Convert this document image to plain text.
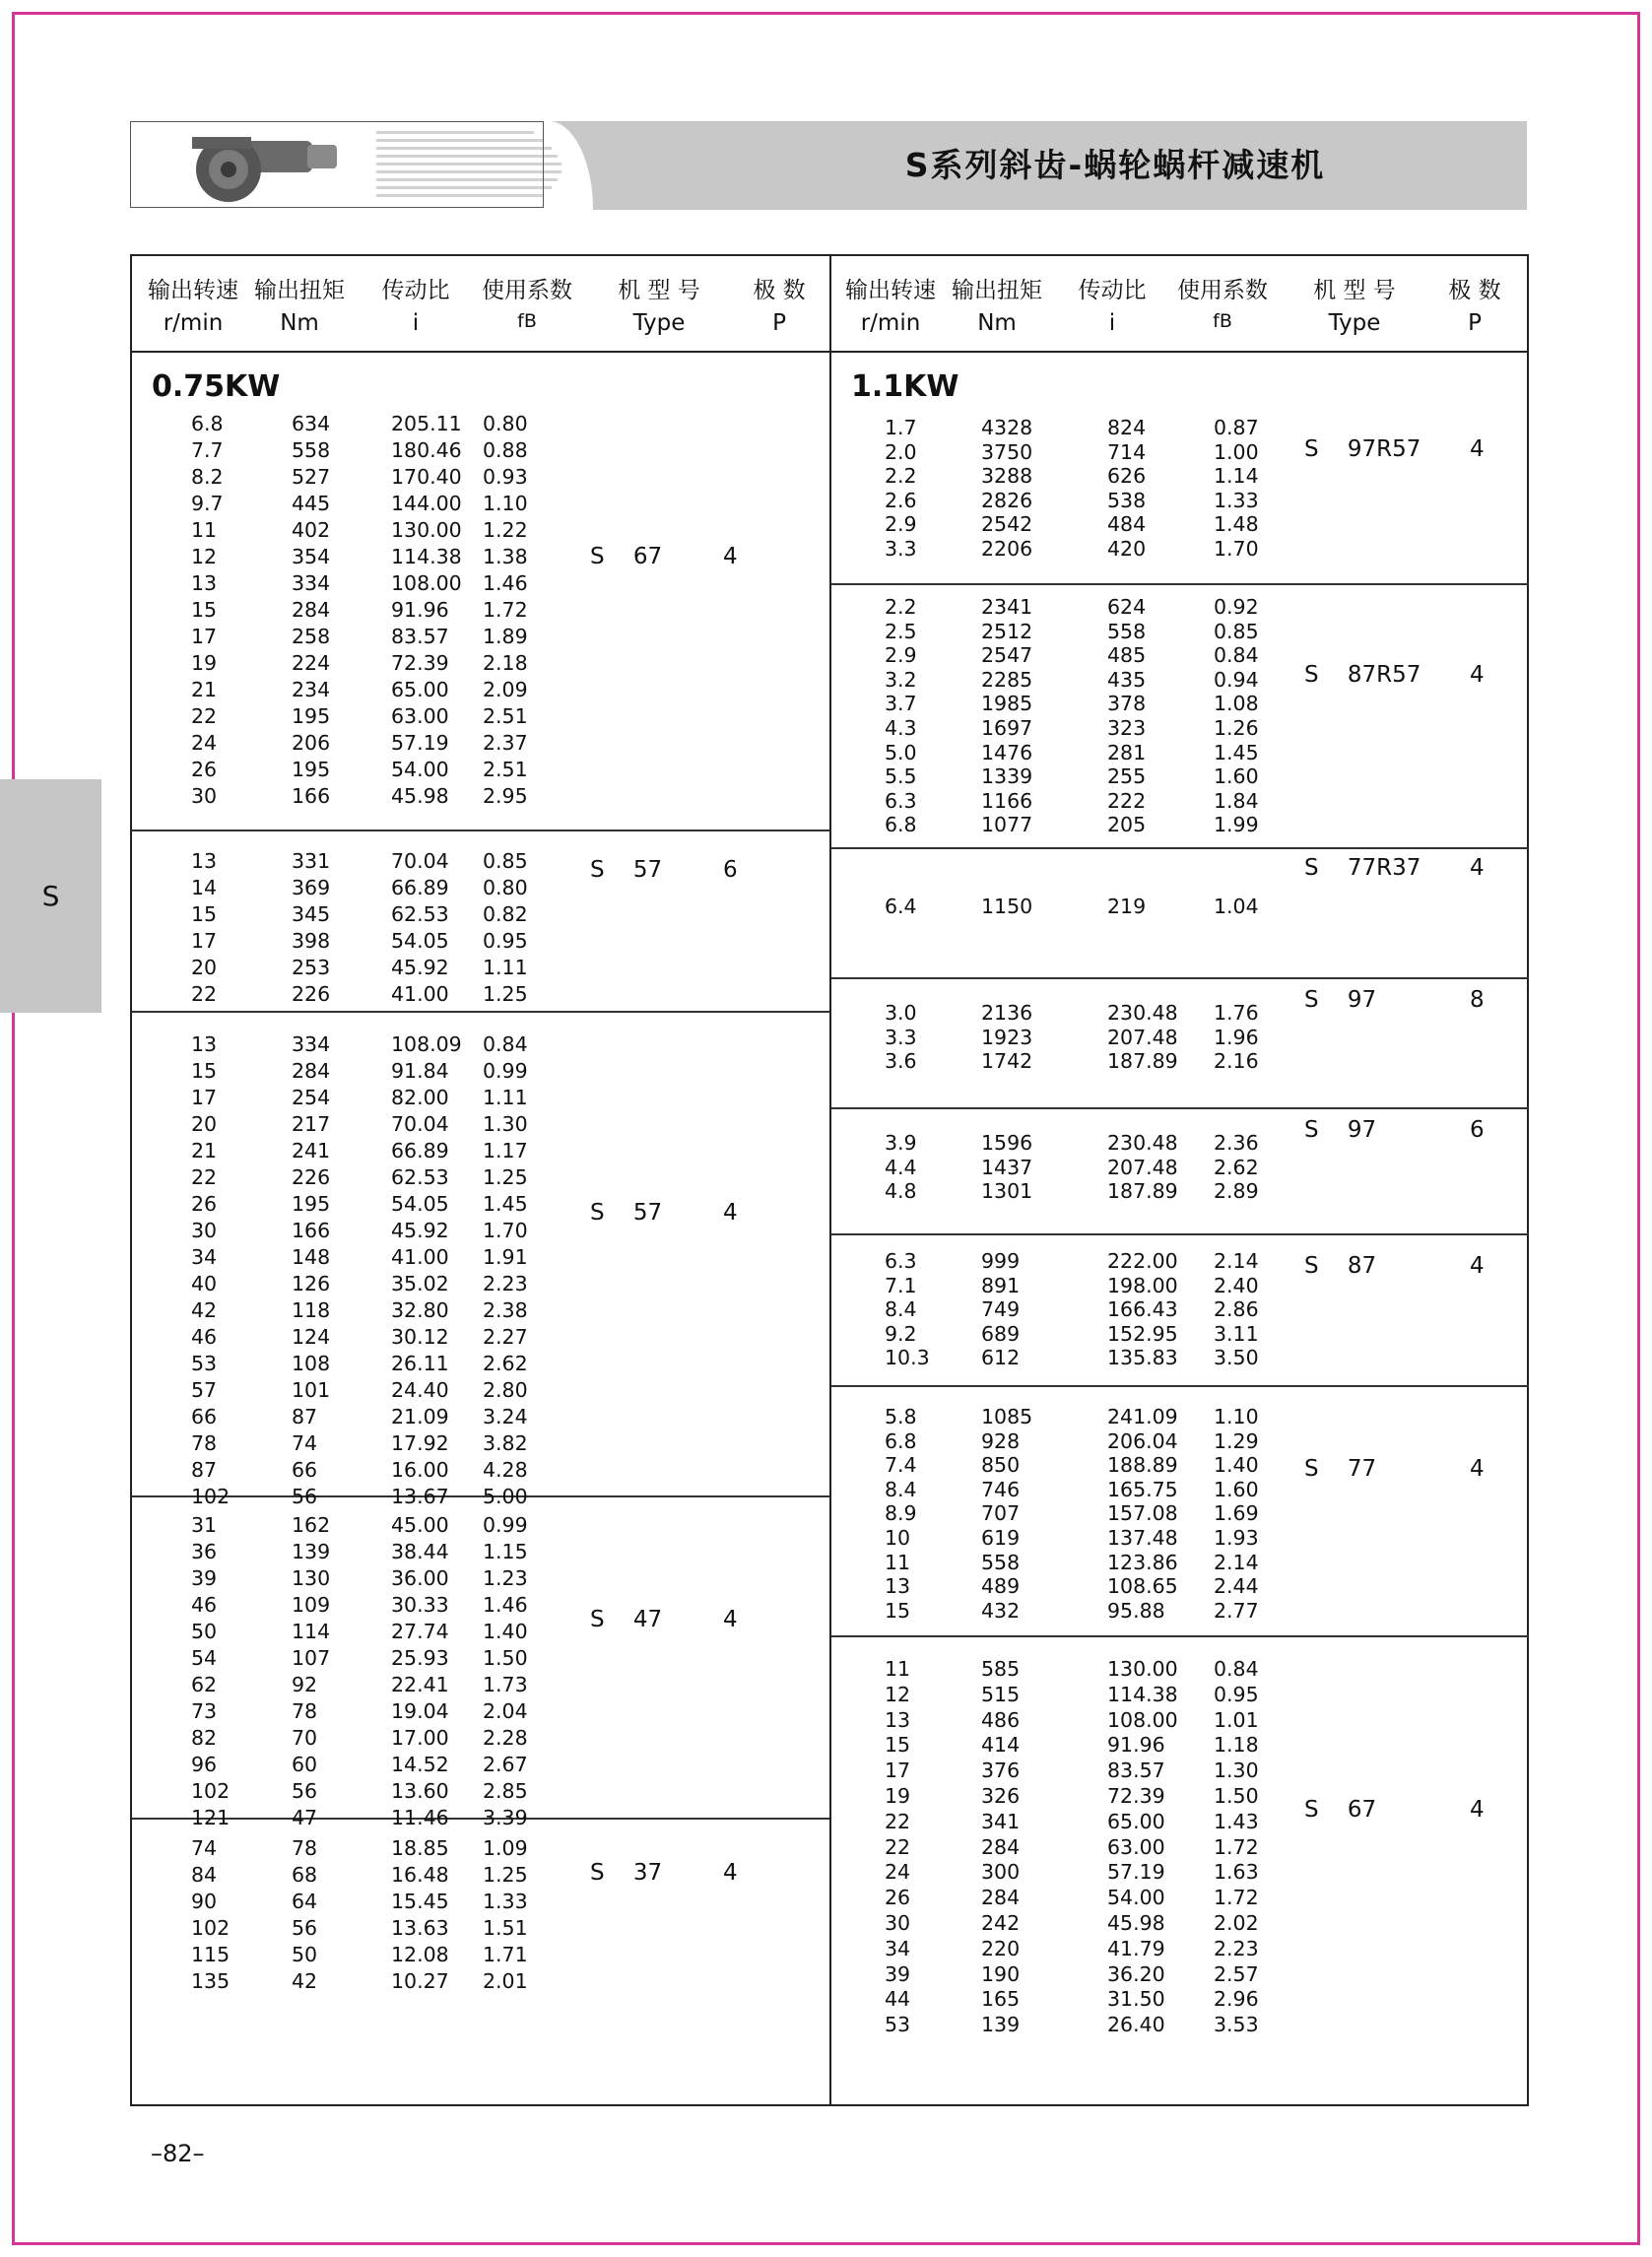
S系列斜齿-蜗轮蜗杆减速机
S
输出转速
r/min
输出扭矩
Nm
传动比
i
使用系数
fB
机 型 号
Type
极 数
P
输出转速
r/min
输出扭矩
Nm
传动比
i
使用系数
fB
机 型 号
Type
极 数
P
0.75KW	1.1KW
6.8	634	205.11 0.80
7.7	558	180.46 0.88
8.2	527	170.40 0.93
9.7	445	144.00 1.10
11	402	130.00 1.22
12	354	114.38 1.38
13	334	108.00 1.46
15	284	91.96 1.72
17	258	83.57 1.89
19	224	72.39 2.18
21	234	65.00 2.09
22	195	63.00 2.51
24	206	57.19 2.37
26	195	54.00 2.51
30	166	45.98 2.95
S    67	4
13	331	70.04 0.85
14	369	66.89 0.80
15	345	62.53 0.82
17	398	54.05 0.95
20	253	45.92 1.11
22	226	41.00 1.25
S    57	6
13	334	108.09 0.84
15	284	91.84 0.99
17	254	82.00 1.11
20	217	70.04 1.30
21	241	66.89 1.17
22	226	62.53 1.25
26	195	54.05 1.45
30	166	45.92 1.70
34	148	41.00 1.91
40	126	35.02 2.23
42	118	32.80 2.38
46	124	30.12 2.27
53	108	26.11 2.62
57	101	24.40 2.80
66	87	21.09 3.24
78	74	17.92 3.82
87	66	16.00 4.28
102	56	13.67 5.00
S    57	4
31	162	45.00 0.99
36	139	38.44 1.15
39	130	36.00 1.23
46	109	30.33 1.46
50	114	27.74 1.40
54	107	25.93 1.50
62	92	22.41 1.73
73	78	19.04 2.04
82	70	17.00 2.28
96	60	14.52 2.67
102	56	13.60 2.85
121	47	11.46 3.39
S    47	4
74	78	18.85 1.09
84	68	16.48 1.25
90	64	15.45 1.33
102	56	13.63 1.51
115	50	12.08 1.71
135	42	10.27 2.01
S    37	4
1.7	4328	824	0.87
2.0	3750	714	1.00
2.2	3288	626	1.14
2.6	2826	538	1.33
2.9	2542	484	1.48
3.3	2206	420	1.70
S    97R57 4
2.2	2341	624	0.92
2.5	2512	558	0.85
2.9	2547	485	0.84
3.2	2285	435	0.94
3.7	1985	378	1.08
4.3	1697	323	1.26
5.0	1476	281	1.45
5.5	1339	255	1.60
6.3	1166	222	1.84
6.8	1077	205	1.99
S    87R57 4
6.4	1150	219	1.04
S    77R37 4
3.0	2136	230.48 1.76
3.3	1923	207.48 1.96
3.6	1742	187.89 2.16
S    97	8
3.9	1596	230.48 2.36
4.4	1437	207.48 2.62
4.8	1301	187.89 2.89
S    97	6
6.3	999	222.00 2.14
7.1	891	198.00 2.40
8.4	749	166.43 2.86
9.2	689	152.95 3.11
10.3	612	135.83 3.50
S    87	4
5.8	1085	241.09 1.10
6.8	928	206.04 1.29
7.4	850	188.89 1.40
8.4	746	165.75 1.60
8.9	707	157.08 1.69
10	619	137.48 1.93
11	558	123.86 2.14
13	489	108.65 2.44
15	432	95.88 2.77
S    77	4
11	585	130.00 0.84
12	515	114.38 0.95
13	486	108.00 1.01
15	414	91.96 1.18
17	376	83.57 1.30
19	326	72.39 1.50
22	341	65.00 1.43
22	284	63.00 1.72
24	300	57.19 1.63
26	284	54.00 1.72
30	242	45.98 2.02
34	220	41.79 2.23
39	190	36.20 2.57
44	165	31.50 2.96
53	139	26.40 3.53
S    67	4
–82–
